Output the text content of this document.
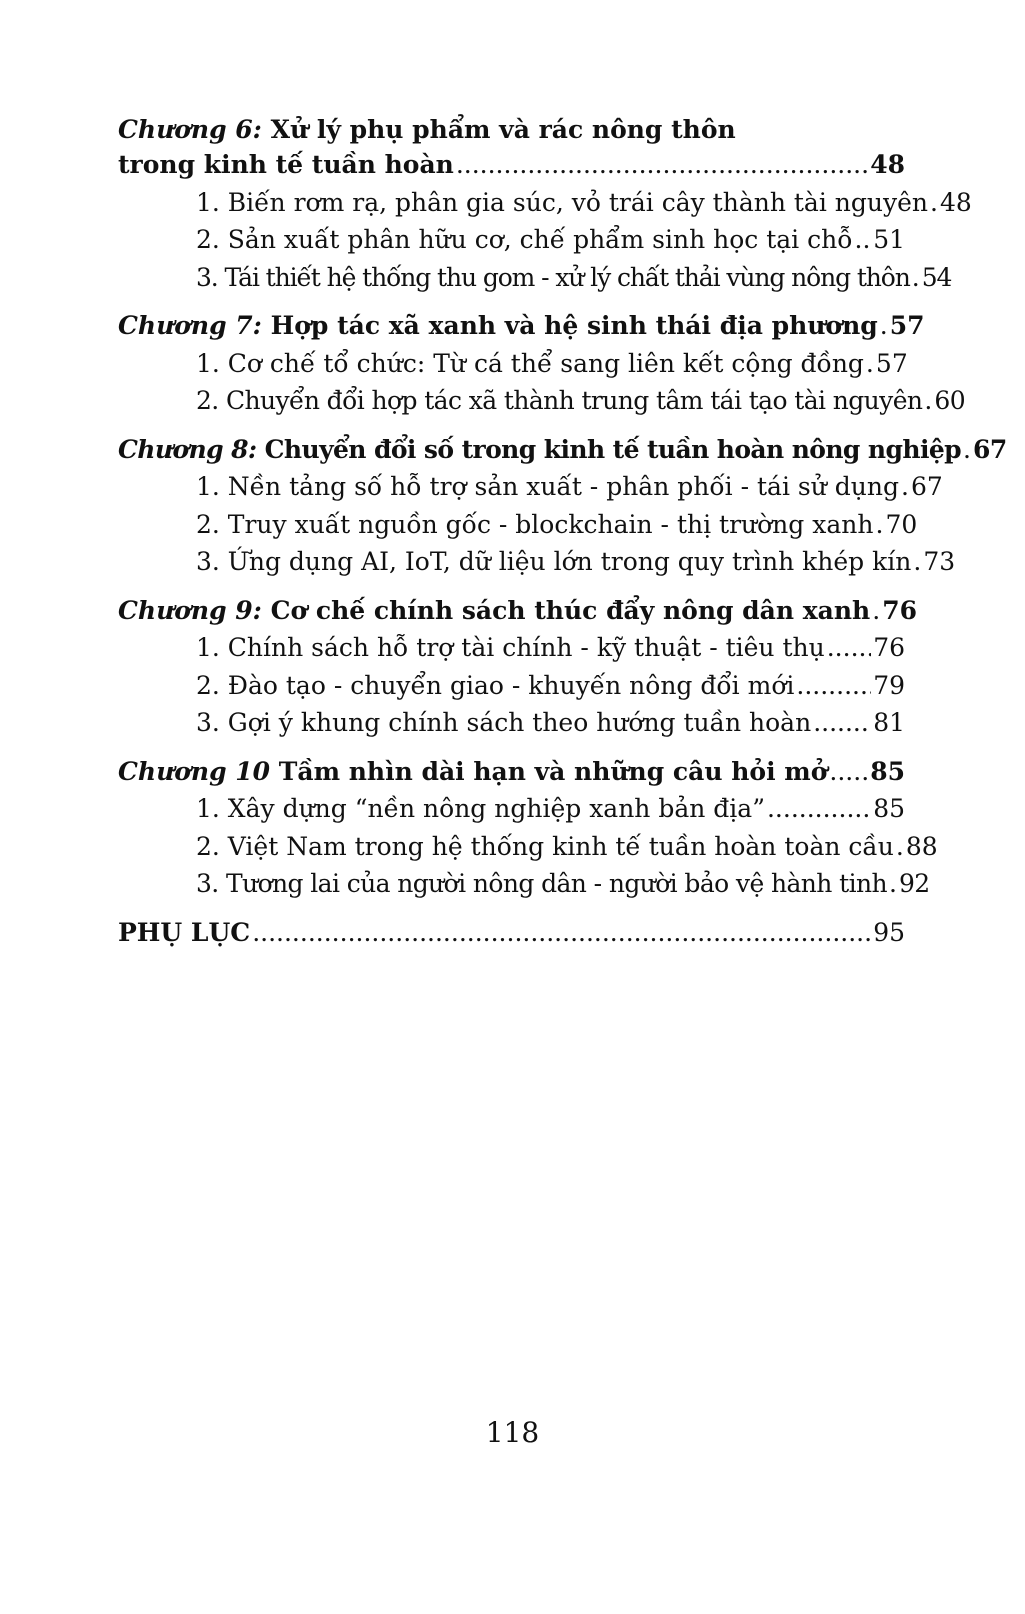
Chương 6: Xử lý phụ phẩm và rác nông thôn
trong kinh tế tuần hoàn .....	48
1. Biến rơm rạ, phân gia súc, vỏ trái cây thành tài nguyên ..... 48
2. Sản xuất phân hữu cơ, chế phẩm sinh học tại chỗ ..... 51
3. Tái thiết hệ thống thu gom - xử lý chất thải vùng nông thôn ..... 54
Chương 7: Hợp tác xã xanh và hệ sinh thái địa phương ..... 57
1. Cơ chế tổ chức: Từ cá thể sang liên kết cộng đồng ..... 57
2. Chuyển đổi hợp tác xã thành trung tâm tái tạo tài nguyên ..... 60
Chương 8: Chuyển đổi số trong kinh tế tuần hoàn nông nghiệp ..... 67
1. Nền tảng số hỗ trợ sản xuất - phân phối - tái sử dụng ..... 67
2. Truy xuất nguồn gốc - blockchain - thị trường xanh ..... 70
3. Ứng dụng AI, IoT, dữ liệu lớn trong quy trình khép kín ..... 73
Chương 9: Cơ chế chính sách thúc đẩy nông dân xanh ..... 76
1. Chính sách hỗ trợ tài chính - kỹ thuật - tiêu thụ ..... 76
2. Đào tạo - chuyển giao - khuyến nông đổi mới .....	79
3. Gợi ý khung chính sách theo hướng tuần hoàn ..... 81
Chương 10 Tầm nhìn dài hạn và những câu hỏi mở ..... 85
1. Xây dựng “nền nông nghiệp xanh bản địa” .....	85
2. Việt Nam trong hệ thống kinh tế tuần hoàn toàn cầu ..... 88
3. Tương lai của người nông dân - người bảo vệ hành tinh ..... 92
PHỤ LỤC .....	95
118
